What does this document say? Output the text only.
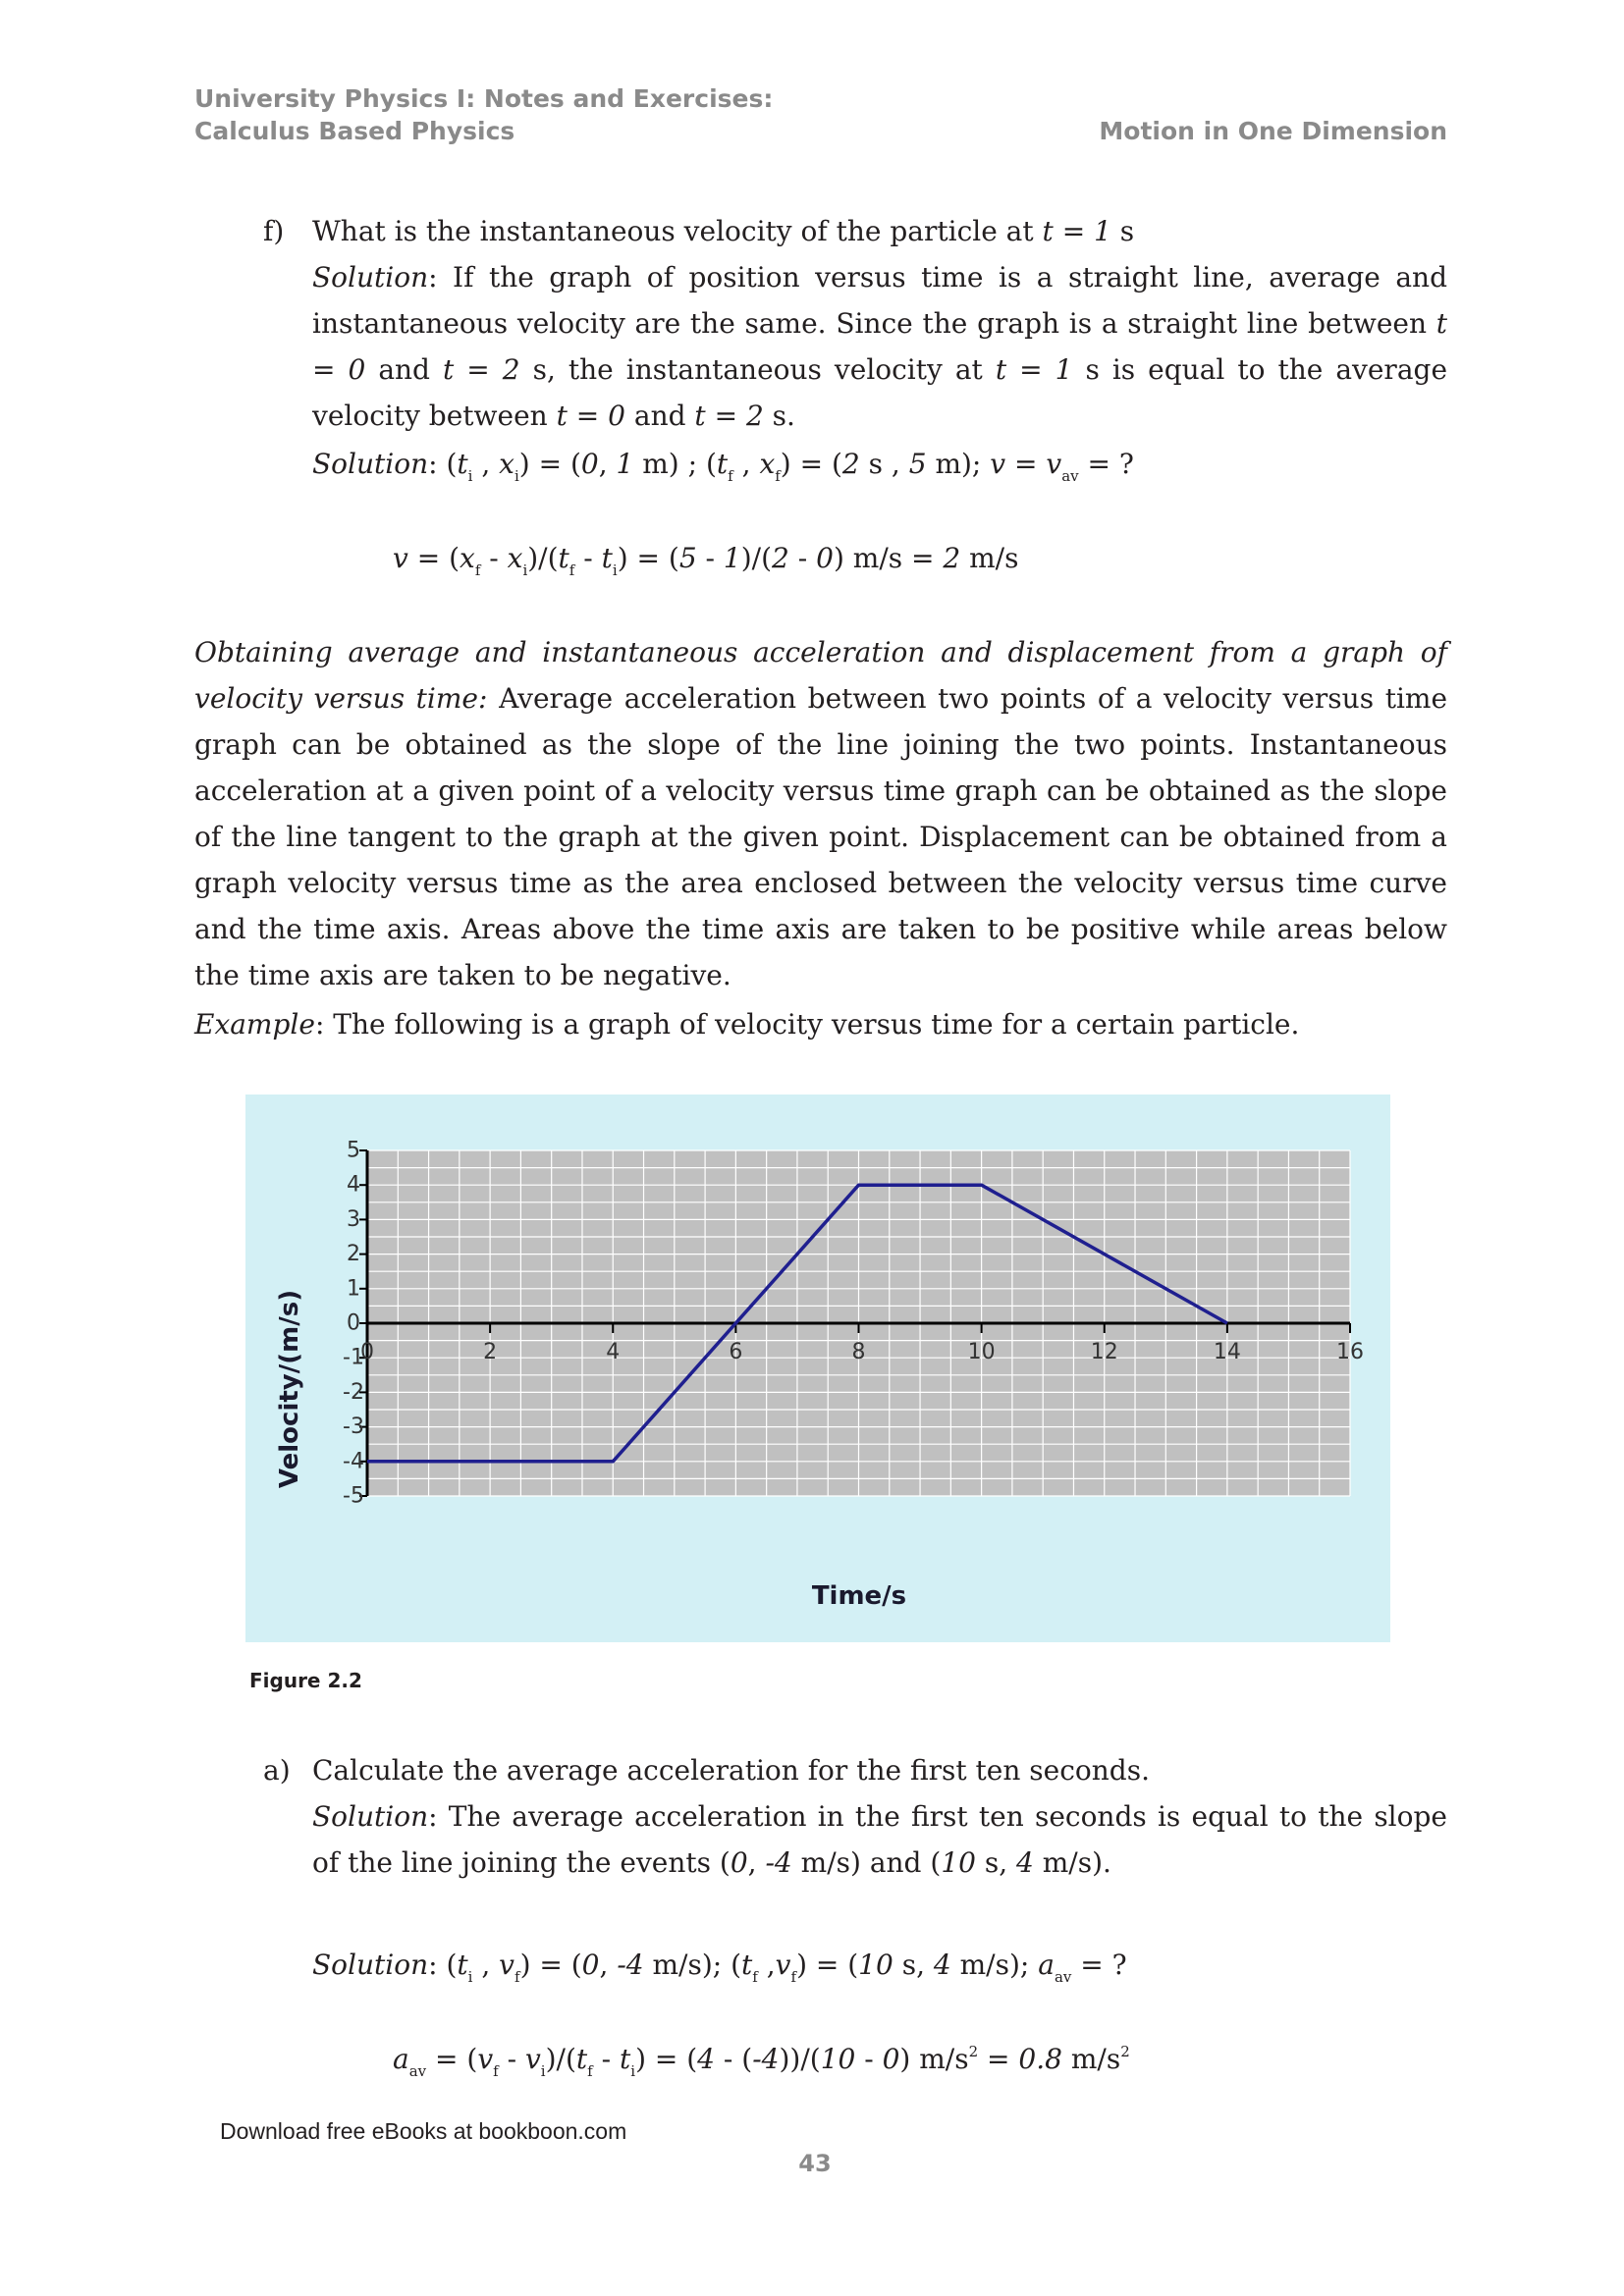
University Physics I: Notes and Exercises:
Calculus Based Physics	Motion in One Dimension
f) What is the instantaneous velocity of the particle at t = 1 s
Solution: If the graph of position versus time is a straight line, average and instantaneous velocity are the same. Since the graph is a straight line between t = 0 and t = 2 s, the instantaneous velocity at t = 1 s is equal to the average velocity between t = 0 and t = 2 s.
Solution: ($t_i$ , $x_i) = (0$, 1 m) ; ($t_f$ , $x_f) = (2$ s , 5 m); $v = v_{av}$ = ?
$v = (x_f - x_i)/(t_f - t_i) = (5 - 1)/(2 - 0) m/s = 2$ m/s
Obtaining average and instantaneous acceleration and displacement from a graph of velocity versus time: Average acceleration between two points of a velocity versus time graph can be obtained as the slope of the line joining the two points. Instantaneous acceleration at a given point of a velocity versus time graph can be obtained as the slope of the line tangent to the graph at the given point. Displacement can be obtained from a graph velocity versus time as the area enclosed between the velocity versus time curve and the time axis. Areas above the time axis are taken to be positive while areas below the time axis are taken to be negative.
Example: The following is a graph of velocity versus time for a certain particle.
5
4
3
2
1
0
-1
-2
-3
-4
-5
0	2	4	6	8	10	12	14	16
Velocity/(m/s)
Time/s
Figure 2.2
a) Calculate the average acceleration for the first ten seconds.
Solution: The average acceleration in the first ten seconds is equal to the slope of the line joining the events (0, -4 m/s) and (10 s, 4 m/s).
Solution: ($t_i$ , $v_f) = (0$, -4 m/s); ($t_f$ $,v_f) = (10$ s, 4 m/s); $a_{av}$ = ?
$a_{av} = (v_f - v_i)/(t_f - t_i) = (4 - (-4))/(10 - 0) m/s^2 = 0.8$ $m/s^2$
Download free eBooks at bookboon.com
43
